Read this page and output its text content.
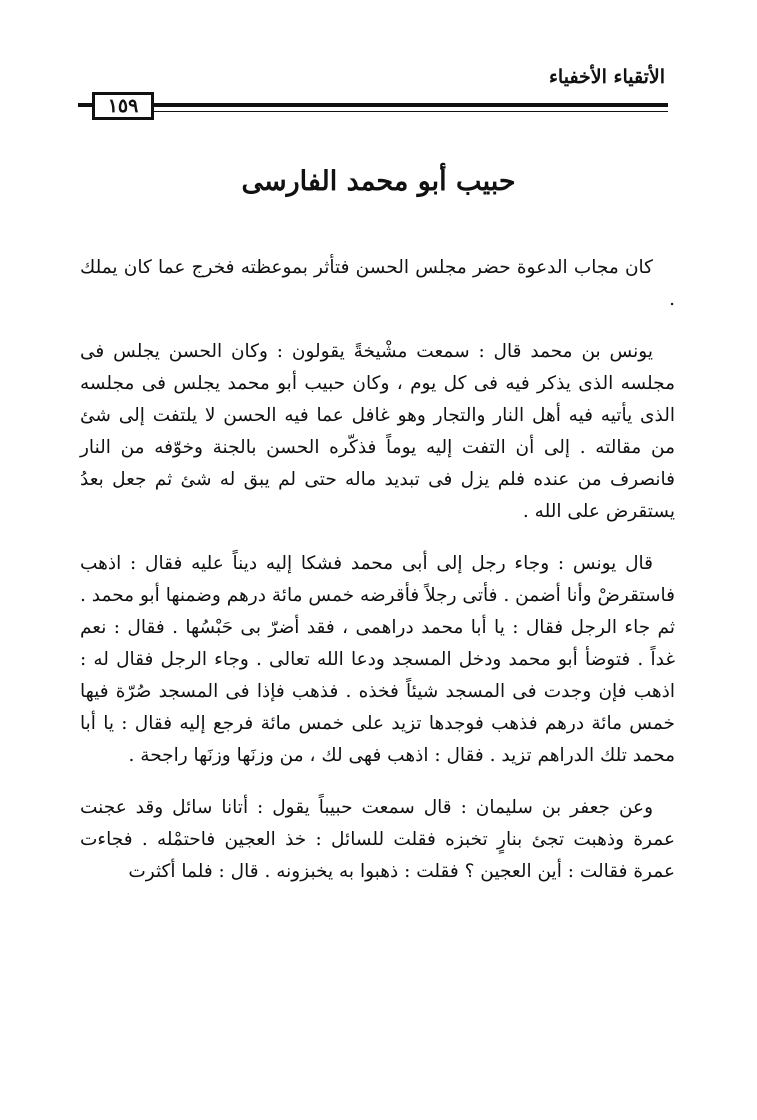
الأتقياء الأخفياء
١٥٩
حبيب أبو محمد الفارسى

كان مجاب الدعوة حضر مجلس الحسن فتأثر بموعظته فخرج عما كان يملك .

يونس بن محمد قال : سمعت مشْيخةً يقولون : وكان الحسن يجلس فى مجلسه الذى يذكر فيه فى كل يوم ، وكان حبيب أبو محمد يجلس فى مجلسه الذى يأتيه فيه أهل النار والتجار وهو غافل عما فيه الحسن لا يلتفت إلى شئ من مقالته . إلى أن التفت إليه يوماً فذكّره الحسن بالجنة وخوّفه من النار فانصرف من عنده فلم يزل فى تبديد ماله حتى لم يبق له شئ ثم جعل بعدُ يستقرض على الله .

قال يونس : وجاء رجل إلى أبى محمد فشكا إليه ديناً عليه فقال : اذهب فاستقرضْ وأنا أضمن . فأتى رجلاً فأقرضه خمس مائة درهم وضمنها أبو محمد . ثم جاء الرجل فقال : يا أبا محمد دراهمى ، فقد أضرّ بى حَبْسُها . فقال : نعم غداً . فتوضأ أبو محمد ودخل المسجد ودعا الله تعالى . وجاء الرجل فقال له : اذهب فإن وجدت فى المسجد شيئاً فخذه . فذهب فإذا فى المسجد صُرّة فيها خمس مائة درهم فذهب فوجدها تزيد على خمس مائة فرجع إليه فقال : يا أبا محمد تلك الدراهم تزيد . فقال : اذهب فهى لك ، من وزنَها وزنَها راجحة .

وعن جعفر بن سليمان : قال سمعت حبيباً يقول : أتانا سائل وقد عجنت عمرة وذهبت تجئ بنارٍ تخبزه فقلت للسائل : خذ العجين فاحتمْله . فجاءت عمرة فقالت : أين العجين ؟ فقلت : ذهبوا به يخبزونه . قال : فلما أكثرت
